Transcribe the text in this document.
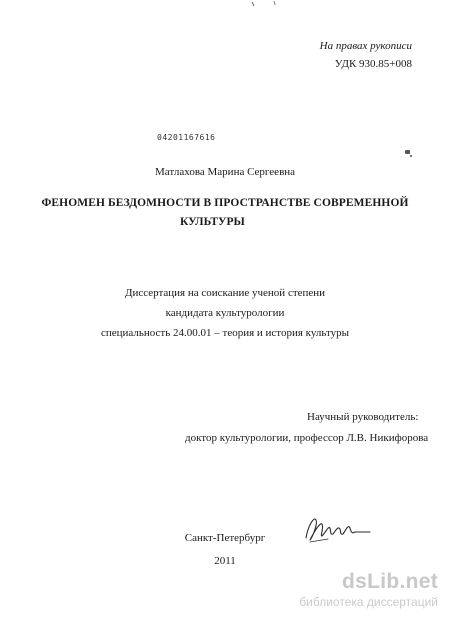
На правах рукописи
УДК 930.85+008
04201167616
Матлахова Марина Сергеевна
ФЕНОМЕН БЕЗДОМНОСТИ В ПРОСТРАНСТВЕ СОВРЕМЕННОЙ
КУЛЬТУРЫ
Диссертация на соискание ученой степени
кандидата культурологии
специальность 24.00.01 – теория и история культуры
Научный руководитель:
доктор культурологии, профессор Л.В. Никифорова
Санкт-Петербург
2011
dsLib.net
библиотека диссертаций
